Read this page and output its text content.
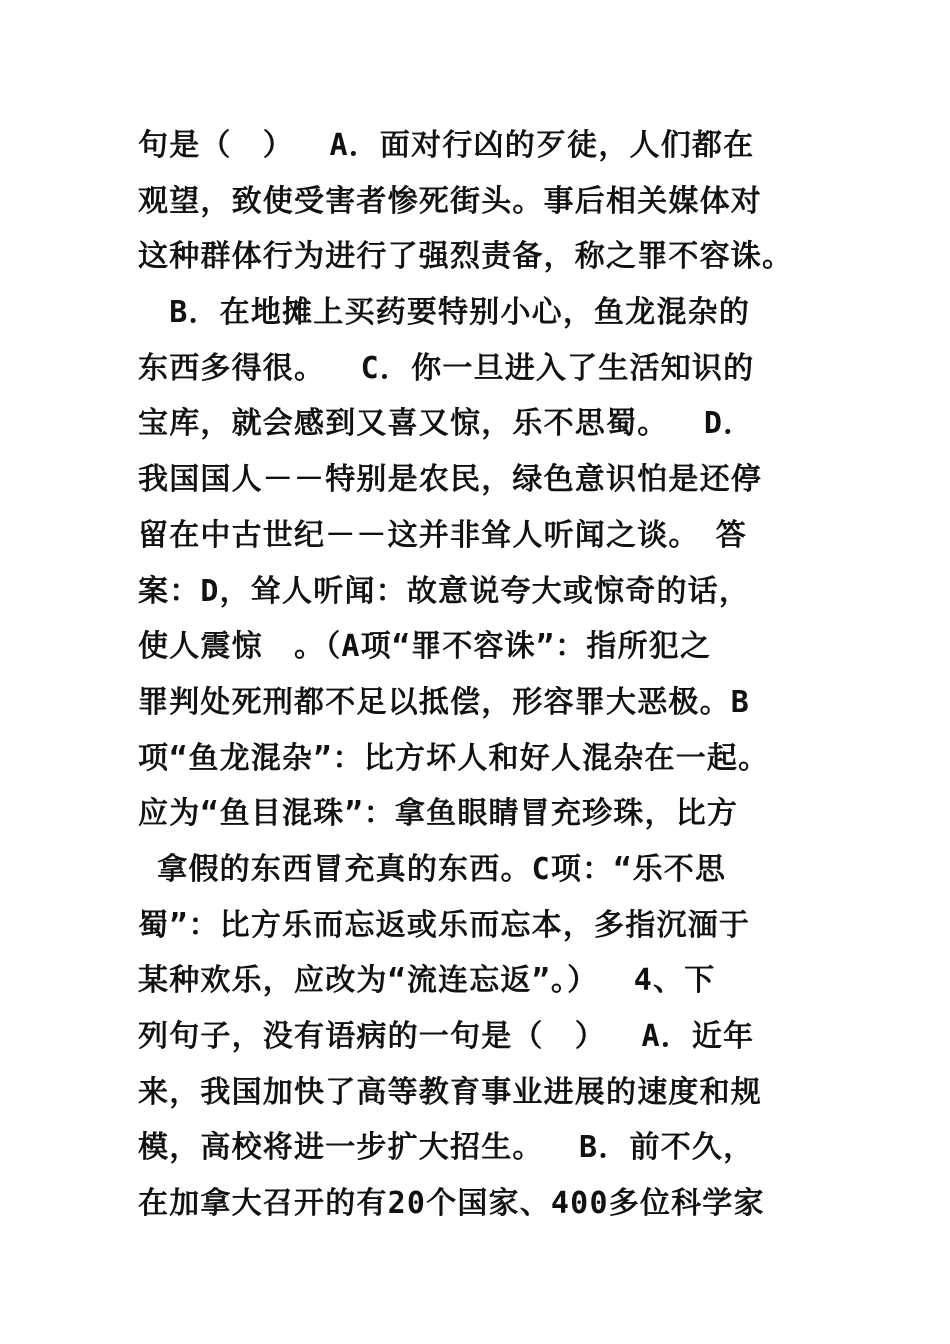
句是（　）　 A．面对行凶的歹徒，人们都在
观望，致使受害者惨死街头。事后相关媒体对
这种群体行为进行了强烈责备，称之罪不容诛。
　B．在地摊上买药要特别小心，鱼龙混杂的
东西多得很。　 C．你一旦进入了生活知识的
宝库，就会感到又喜又惊，乐不思蜀。　 D．
我国国人－－特别是农民，绿色意识怕是还停
留在中古世纪－－这并非耸人听闻之谈。　答
案：D，耸人听闻：故意说夸大或惊奇的话，
使人震惊　。（A项“罪不容诛”：指所犯之
罪判处死刑都不足以抵偿，形容罪大恶极。B
项“鱼龙混杂”：比方坏人和好人混杂在一起。
应为“鱼目混珠”：拿鱼眼睛冒充珍珠，比方
拿假的东西冒充真的东西。C项：“乐不思
蜀”：比方乐而忘返或乐而忘本，多指沉湎于
某种欢乐，应改为“流连忘返”。）　 4、下
列句子，没有语病的一句是（　）　 A．近年
来，我国加快了高等教育事业进展的速度和规
模，高校将进一步扩大招生。　 B．前不久，
在加拿大召开的有20个国家、400多位科学家
